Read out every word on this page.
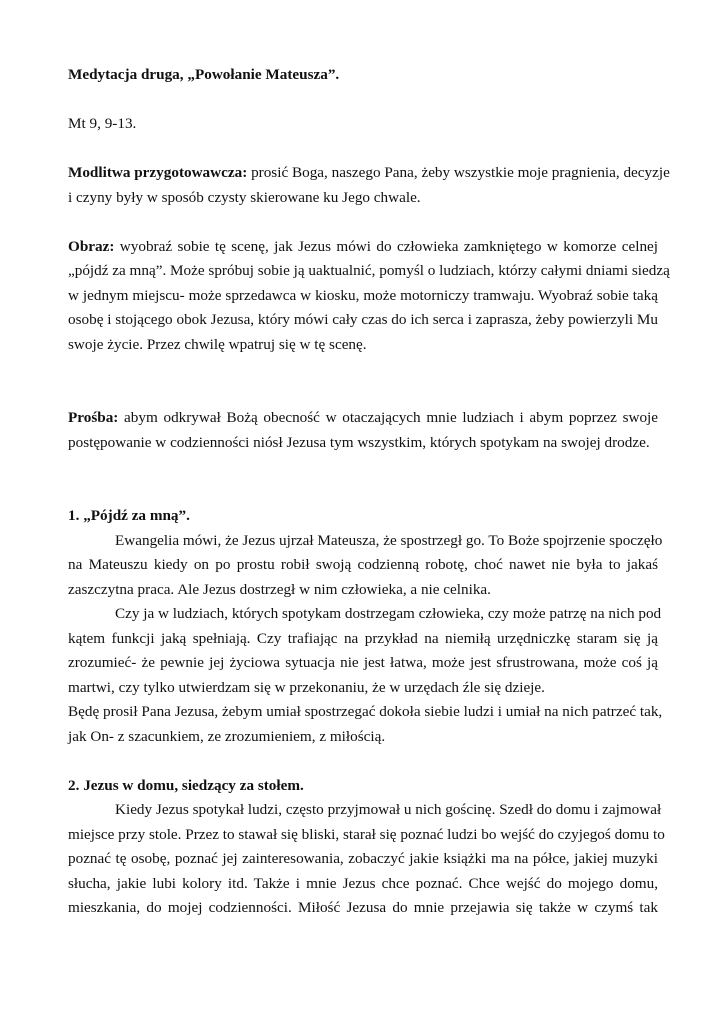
Medytacja druga, „Powołanie Mateusza”.
Mt 9, 9-13.
Modlitwa przygotowawcza: prosić Boga, naszego Pana, żeby wszystkie moje pragnienia, decyzje
i czyny były w sposób czysty skierowane ku Jego chwale.
Obraz: wyobraź sobie tę scenę, jak Jezus mówi do człowieka zamkniętego w komorze celnej
„pójdź za mną”. Może spróbuj sobie ją uaktualnić, pomyśl o ludziach, którzy całymi dniami siedzą
w jednym miejscu- może sprzedawca w kiosku, może motorniczy tramwaju. Wyobraź sobie taką
osobę i stojącego obok Jezusa, który mówi cały czas do ich serca i zaprasza, żeby powierzyli Mu
swoje życie. Przez chwilę wpatruj się w tę scenę.
Prośba: abym odkrywał Bożą obecność w otaczających mnie ludziach i abym poprzez swoje
postępowanie w codzienności niósł Jezusa tym wszystkim, których spotykam na swojej drodze.
1. „Pójdź za mną”.
Ewangelia mówi, że Jezus ujrzał Mateusza, że spostrzegł go. To Boże spojrzenie spoczęło
na Mateuszu kiedy on po prostu robił swoją codzienną robotę, choć nawet nie była to jakaś
zaszczytna praca. Ale Jezus dostrzegł w nim człowieka, a nie celnika.
Czy ja w ludziach, których spotykam dostrzegam człowieka, czy może patrzę na nich pod
kątem funkcji jaką spełniają. Czy trafiając na przykład na niemiłą urzędniczkę staram się ją
zrozumieć- że pewnie jej życiowa sytuacja nie jest łatwa, może jest sfrustrowana, może coś ją
martwi, czy tylko utwierdzam się w przekonaniu, że w urzędach źle się dzieje.
Będę prosił Pana Jezusa, żebym umiał spostrzegać dokoła siebie ludzi i umiał na nich patrzeć tak,
jak On- z szacunkiem, ze zrozumieniem, z miłością.
2. Jezus w domu, siedzący za stołem.
Kiedy Jezus spotykał ludzi, często przyjmował u nich gościnę. Szedł do domu i zajmował
miejsce przy stole. Przez to stawał się bliski, starał się poznać ludzi bo wejść do czyjegoś domu to
poznać tę osobę, poznać jej zainteresowania, zobaczyć jakie książki ma na półce, jakiej muzyki
słucha, jakie lubi kolory itd. Także i mnie Jezus chce poznać. Chce wejść do mojego domu,
mieszkania, do mojej codzienności. Miłość Jezusa do mnie przejawia się także w czymś tak
